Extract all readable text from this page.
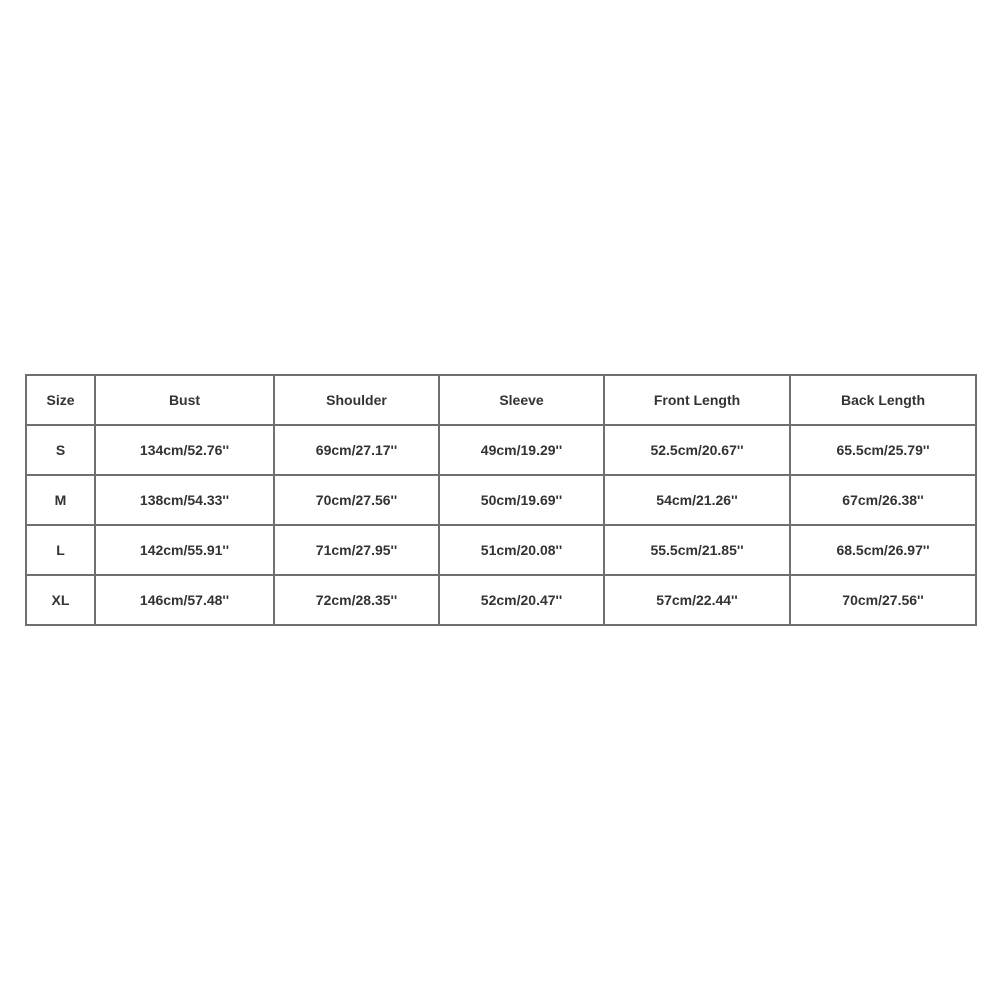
Size	Bust	Shoulder	Sleeve	Front Length	Back Length
S	134cm/52.76''	69cm/27.17''	49cm/19.29''	52.5cm/20.67''	65.5cm/25.79''
M	138cm/54.33''	70cm/27.56''	50cm/19.69''	54cm/21.26''	67cm/26.38''
L	142cm/55.91''	71cm/27.95''	51cm/20.08''	55.5cm/21.85''	68.5cm/26.97''
XL	146cm/57.48''	72cm/28.35''	52cm/20.47''	57cm/22.44''	70cm/27.56''
